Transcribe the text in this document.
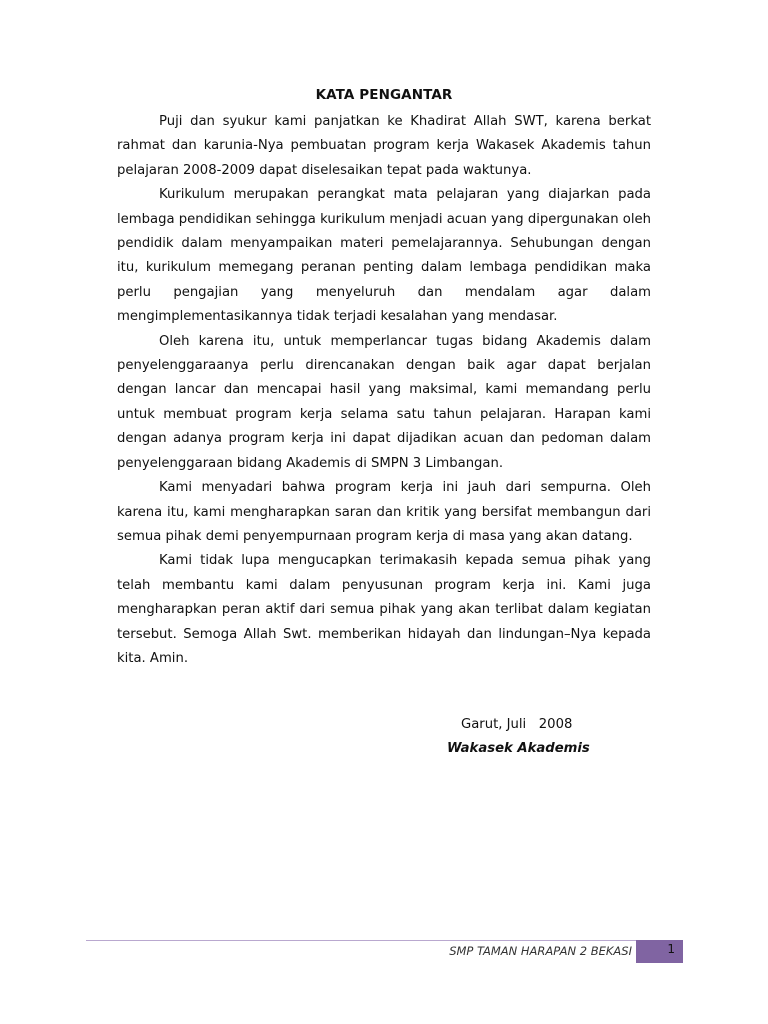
KATA PENGANTAR

Puji dan syukur kami panjatkan ke Khadirat Allah SWT, karena berkat rahmat dan karunia-Nya pembuatan program kerja Wakasek Akademis tahun pelajaran 2008-2009 dapat diselesaikan tepat pada waktunya.

Kurikulum merupakan perangkat mata pelajaran yang diajarkan pada lembaga pendidikan sehingga kurikulum menjadi acuan yang dipergunakan oleh pendidik dalam menyampaikan materi pemelajarannya. Sehubungan dengan itu, kurikulum memegang peranan penting dalam lembaga pendidikan maka perlu pengajian yang menyeluruh dan mendalam agar dalam mengimplementasikannya tidak terjadi kesalahan yang mendasar.

Oleh karena itu, untuk memperlancar tugas bidang Akademis dalam penyelenggaraanya perlu direncanakan dengan baik agar dapat berjalan dengan lancar dan mencapai hasil yang maksimal, kami memandang perlu untuk membuat program kerja selama satu tahun pelajaran. Harapan kami dengan adanya program kerja ini dapat dijadikan acuan dan pedoman dalam penyelenggaraan bidang Akademis di SMPN 3 Limbangan.

Kami menyadari bahwa program kerja ini jauh dari sempurna. Oleh karena itu, kami mengharapkan saran dan kritik yang bersifat membangun dari semua pihak demi penyempurnaan program kerja di masa yang akan datang.

Kami tidak lupa mengucapkan terimakasih kepada semua pihak yang telah membantu kami dalam penyusunan program kerja ini. Kami juga mengharapkan peran aktif dari semua pihak yang akan terlibat dalam kegiatan tersebut. Semoga Allah Swt. memberikan hidayah dan lindungan–Nya kepada kita. Amin.

Garut, Juli   2008
Wakasek Akademis
SMP TAMAN HARAPAN 2 BEKASI	1
